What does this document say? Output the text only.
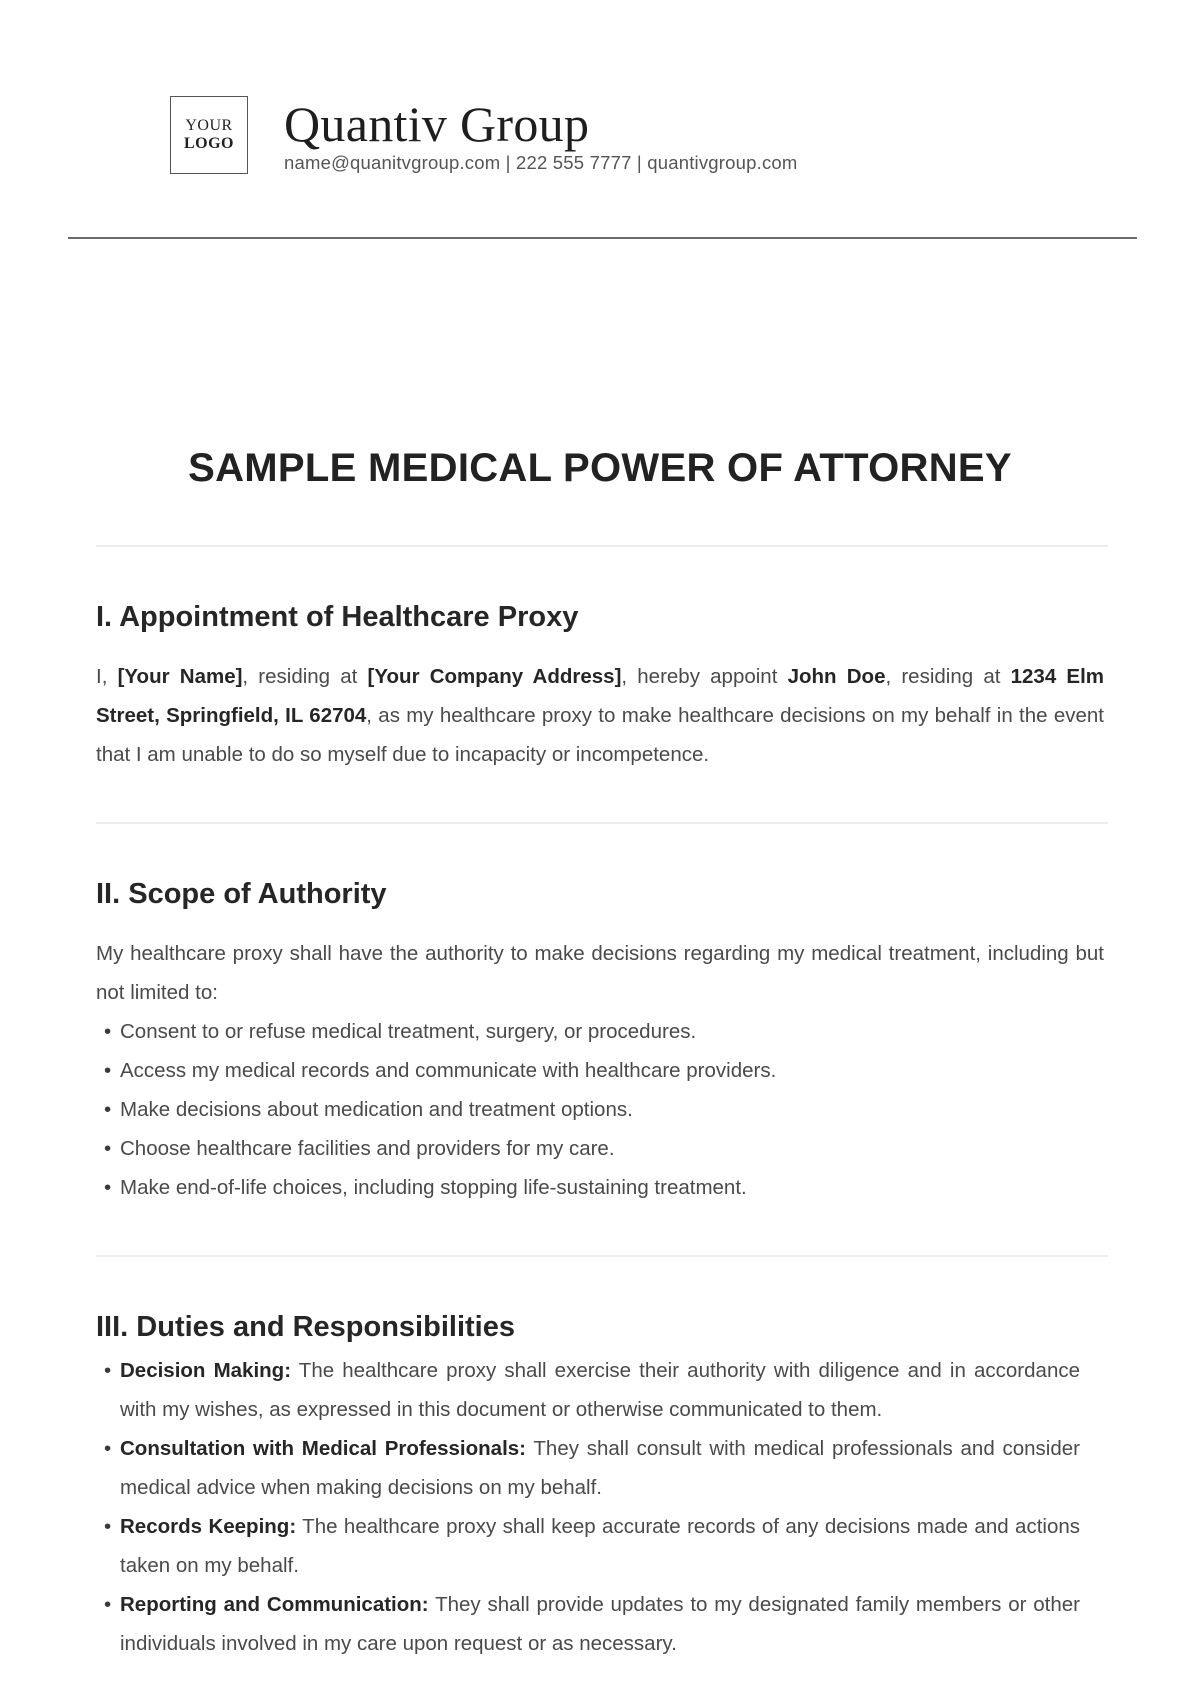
YOUR
LOGO Quantiv Group
name@quanitvgroup.com | 222 555 7777 | quantivgroup.com
SAMPLE MEDICAL POWER OF ATTORNEY
I. Appointment of Healthcare Proxy

I, [Your Name], residing at [Your Company Address], hereby appoint John Doe, residing at 1234 Elm Street, Springfield, IL 62704, as my healthcare proxy to make healthcare decisions on my behalf in the event that I am unable to do so myself due to incapacity or incompetence.

II. Scope of Authority

My healthcare proxy shall have the authority to make decisions regarding my medical treatment, including but not limited to:

• Consent to or refuse medical treatment, surgery, or procedures.
• Access my medical records and communicate with healthcare providers.
• Make decisions about medication and treatment options.
• Choose healthcare facilities and providers for my care.
• Make end-of-life choices, including stopping life-sustaining treatment.
III. Duties and Responsibilities
• Decision Making: The healthcare proxy shall exercise their authority with diligence and in accordance with my wishes, as expressed in this document or otherwise communicated to them.
• Consultation with Medical Professionals: They shall consult with medical professionals and consider medical advice when making decisions on my behalf.
• Records Keeping: The healthcare proxy shall keep accurate records of any decisions made and actions taken on my behalf.
• Reporting and Communication: They shall provide updates to my designated family members or other individuals involved in my care upon request or as necessary.
